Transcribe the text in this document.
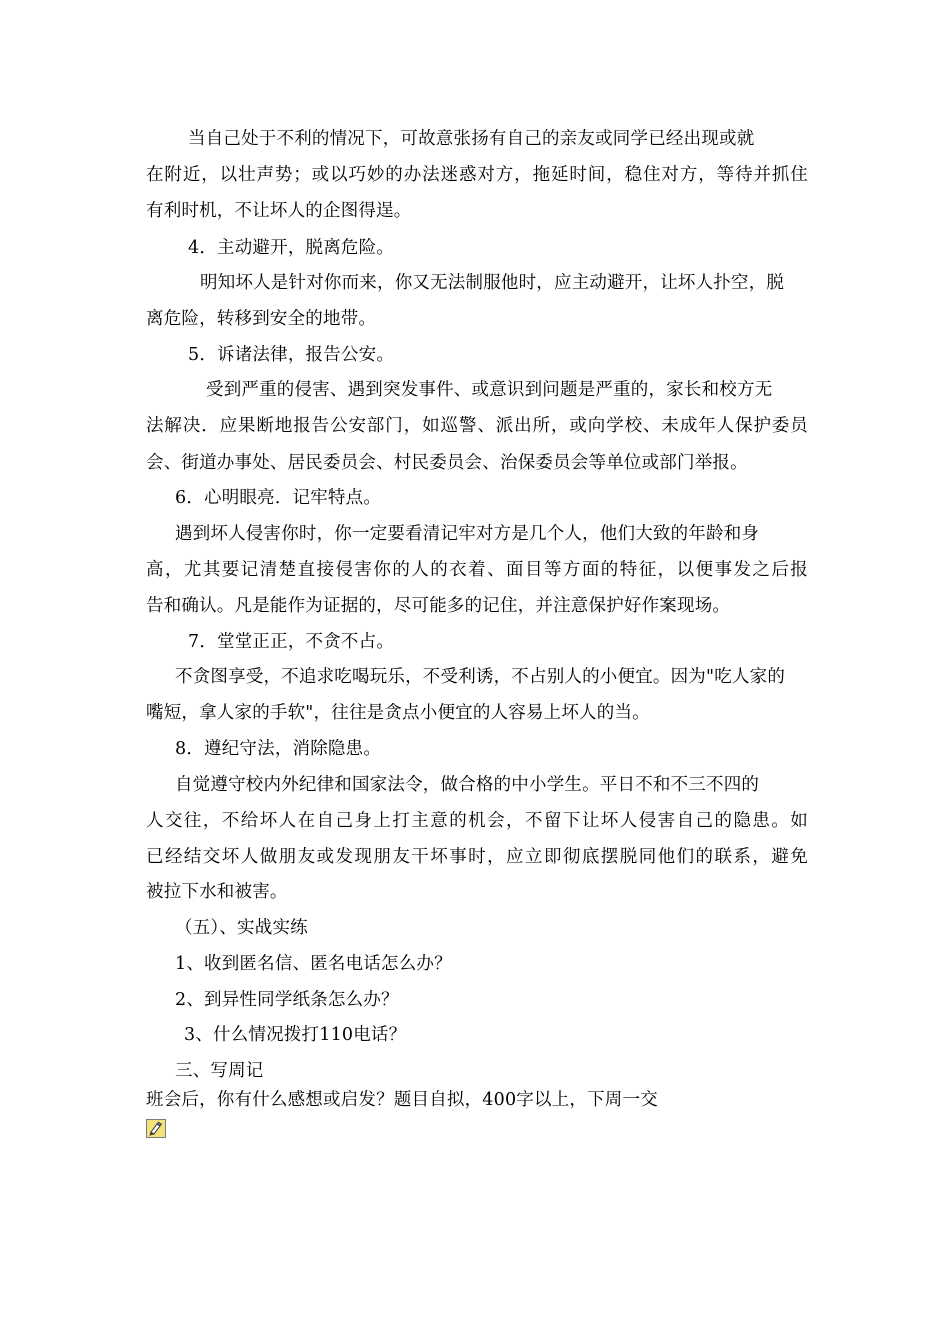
当自己处于不利的情况下，可故意张扬有自己的亲友或同学已经出现或就
在附近，以壮声势；或以巧妙的办法迷惑对方，拖延时间，稳住对方，等待并抓住
有利时机，不让坏人的企图得逞。
4．主动避开，脱离危险。
明知坏人是针对你而来，你又无法制服他时，应主动避开，让坏人扑空，脱
离危险，转移到安全的地带。
5．诉诸法律，报告公安。
受到严重的侵害、遇到突发事件、或意识到问题是严重的，家长和校方无
法解决．应果断地报告公安部门，如巡警、派出所，或向学校、未成年人保护委员
会、街道办事处、居民委员会、村民委员会、治保委员会等单位或部门举报。
6．心明眼亮．记牢特点。
遇到坏人侵害你时，你一定要看清记牢对方是几个人，他们大致的年龄和身
高，尤其要记清楚直接侵害你的人的衣着、面目等方面的特征，以便事发之后报
告和确认。凡是能作为证据的，尽可能多的记住，并注意保护好作案现场。
7．堂堂正正，不贪不占。
不贪图享受，不追求吃喝玩乐，不受利诱，不占别人的小便宜。因为"吃人家的
嘴短，拿人家的手软"，往往是贪点小便宜的人容易上坏人的当。
8．遵纪守法，消除隐患。
自觉遵守校内外纪律和国家法令，做合格的中小学生。平日不和不三不四的
人交往，不给坏人在自己身上打主意的机会，不留下让坏人侵害自己的隐患。如
已经结交坏人做朋友或发现朋友干坏事时，应立即彻底摆脱同他们的联系，避免
被拉下水和被害。
（五）、实战实练
1、收到匿名信、匿名电话怎么办？
2、到异性同学纸条怎么办？
3、什么情况拨打110电话？
三、写周记
班会后，你有什么感想或启发？题目自拟，400字以上，下周一交
